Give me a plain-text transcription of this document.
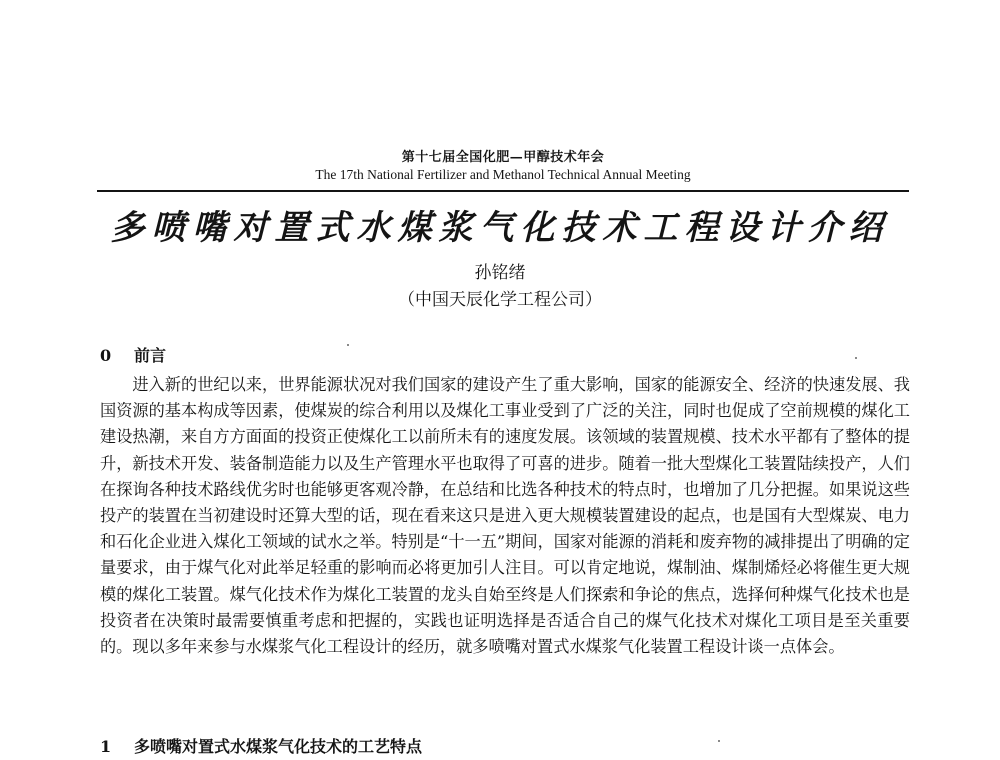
第十七届全国化肥—甲醇技术年会
The 17th National Fertilizer and Methanol Technical Annual Meeting
多喷嘴对置式水煤浆气化技术工程设计介绍
孙铭绪
（中国天辰化学工程公司）
0 前言

进入新的世纪以来，世界能源状况对我们国家的建设产生了重大影响，国家的能源安全、经济的快速发展、我国资源的基本构成等因素，使煤炭的综合利用以及煤化工事业受到了广泛的关注，同时也促成了空前规模的煤化工建设热潮，来自方方面面的投资正使煤化工以前所未有的速度发展。该领域的装置规模、技术水平都有了整体的提升，新技术开发、装备制造能力以及生产管理水平也取得了可喜的进步。随着一批大型煤化工装置陆续投产，人们在探询各种技术路线优劣时也能够更客观冷静，在总结和比选各种技术的特点时，也增加了几分把握。如果说这些投产的装置在当初建设时还算大型的话，现在看来这只是进入更大规模装置建设的起点，也是国有大型煤炭、电力和石化企业进入煤化工领域的试水之举。特别是“十一五”期间，国家对能源的消耗和废弃物的减排提出了明确的定量要求，由于煤气化对此举足轻重的影响而必将更加引人注目。可以肯定地说，煤制油、煤制烯烃必将催生更大规模的煤化工装置。煤气化技术作为煤化工装置的龙头自始至终是人们探索和争论的焦点，选择何种煤气化技术也是投资者在决策时最需要慎重考虑和把握的，实践也证明选择是否适合自己的煤气化技术对煤化工项目是至关重要的。现以多年来参与水煤浆气化工程设计的经历，就多喷嘴对置式水煤浆气化装置工程设计谈一点体会。

1 多喷嘴对置式水煤浆气化技术的工艺特点
